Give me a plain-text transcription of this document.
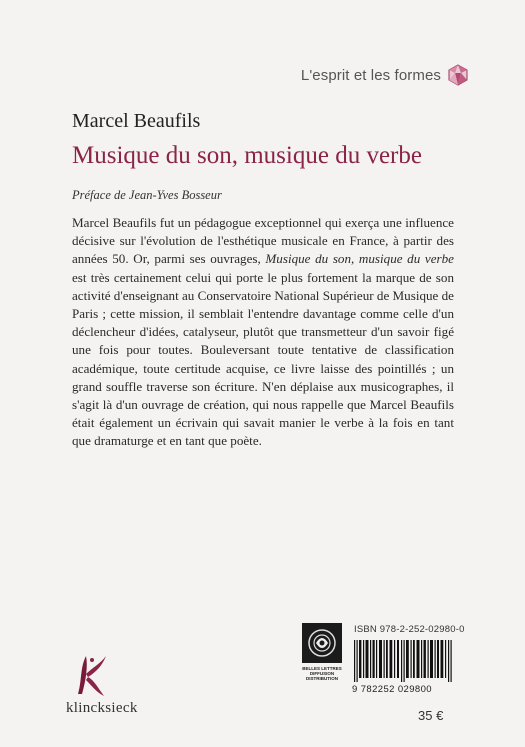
L'esprit et les formes
Marcel Beaufils
Musique du son, musique du verbe
Préface de Jean-Yves Bosseur
Marcel Beaufils fut un pédagogue exceptionnel qui exerça une influence décisive sur l'évolution de l'esthétique musicale en France, à partir des années 50. Or, parmi ses ouvrages, Musique du son, musique du verbe est très certainement celui qui porte le plus fortement la marque de son activité d'enseignant au Conservatoire National Supérieur de Musique de Paris ; cette mission, il semblait l'entendre davantage comme celle d'un déclencheur d'idées, catalyseur, plutôt que transmetteur d'un savoir figé une fois pour toutes. Bouleversant toute tentative de classification académique, toute certitude acquise, ce livre laisse des pointillés ; un grand souffle traverse son écriture. N'en déplaise aux musicographes, il s'agit là d'un ouvrage de création, qui nous rappelle que Marcel Beaufils était également un écrivain qui savait manier le verbe à la fois en tant que dramaturge et en tant que poète.
klincksieck
BELLES LETTRES DIFFUSION DISTRIBUTION
ISBN 978-2-252-02980-0
9 782252 029800
35 €
